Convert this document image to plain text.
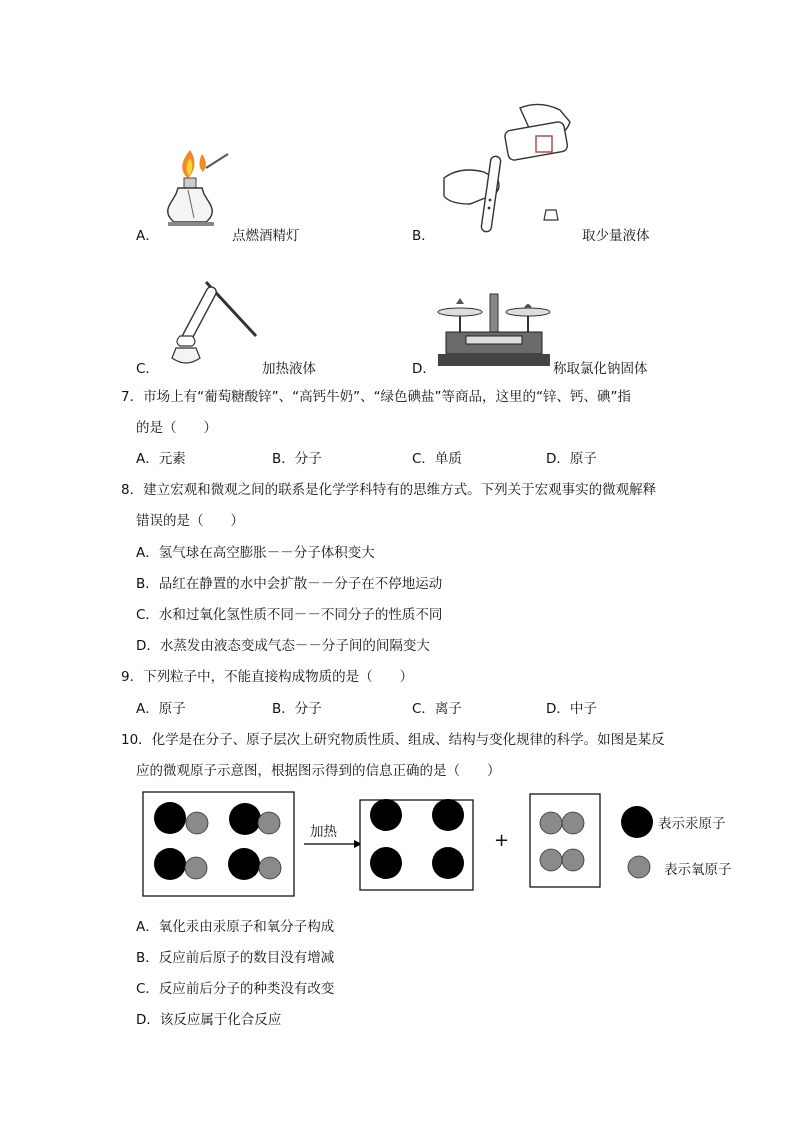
A．	点燃酒精灯	B．	取少量液体
C．	加热液体	D．	称取氯化钠固体
7．市场上有“葡萄糖酸锌”、“高钙牛奶”、“绿色碘盐”等商品，这里的“锌、钙、碘”指
的是（　　）
A．元素	B．分子	C．单质	D．原子
8．建立宏观和微观之间的联系是化学学科特有的思维方式。下列关于宏观事实的微观解释
错误的是（　　）
A．氢气球在高空膨胀－－分子体积变大
B．品红在静置的水中会扩散－－分子在不停地运动
C．水和过氧化氢性质不同－－不同分子的性质不同
D．水蒸发由液态变成气态－－分子间的间隔变大
9．下列粒子中，不能直接构成物质的是（　　）
A．原子	B．分子	C．离子	D．中子
10．化学是在分子、原子层次上研究物质性质、组成、结构与变化规律的科学。如图是某反
应的微观原子示意图，根据图示得到的信息正确的是（　　）
加热	+
表示汞原子
表示氧原子
A．氧化汞由汞原子和氧分子构成
B．反应前后原子的数目没有增减
C．反应前后分子的种类没有改变
D．该反应属于化合反应
